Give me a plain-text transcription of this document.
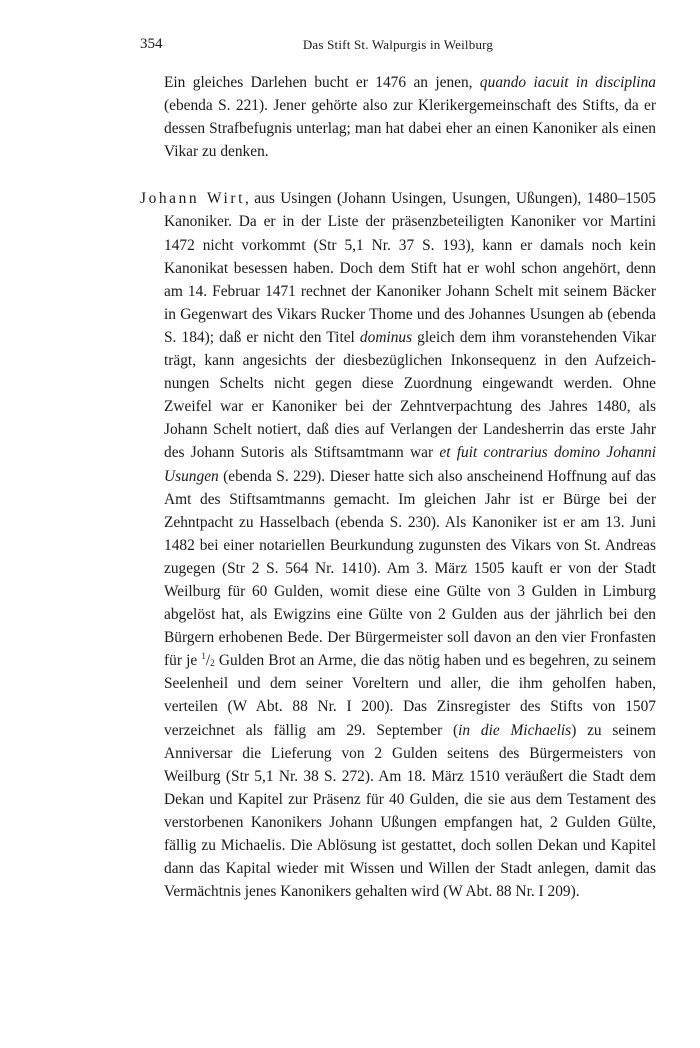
354	Das Stift St. Walpurgis in Weilburg

Ein gleiches Darlehen bucht er 1476 an jenen, quando iacuit in disciplina (ebenda S. 221). Jener gehörte also zur Klerikergemeinschaft des Stifts, da er dessen Strafbefugnis unterlag; man hat dabei eher an einen Kanoniker als einen Vikar zu denken.

Johann Wirt, aus Usingen (Johann Usingen, Usungen, Ußungen), 1480–1505 Kanoniker. Da er in der Liste der präsenzbeteiligten Kanoniker vor Martini 1472 nicht vorkommt (Str 5,1 Nr. 37 S. 193), kann er damals noch kein Kanonikat besessen haben. Doch dem Stift hat er wohl schon angehört, denn am 14. Februar 1471 rechnet der Kanoniker Johann Schelt mit seinem Bäcker in Gegenwart des Vikars Rucker Thome und des Johannes Usungen ab (ebenda S. 184); daß er nicht den Titel dominus gleich dem ihm voranstehenden Vikar trägt, kann angesichts der diesbezüglichen Inkonsequenz in den Aufzeichnungen Schelts nicht gegen diese Zuordnung eingewandt werden. Ohne Zweifel war er Kanoniker bei der Zehntverpachtung des Jahres 1480, als Johann Schelt notiert, daß dies auf Verlangen der Landesherrin das erste Jahr des Johann Sutoris als Stiftsamtmann war et fuit contrarius domino Johanni Usungen (ebenda S. 229). Dieser hatte sich also anscheinend Hoffnung auf das Amt des Stiftsamtmanns gemacht. Im gleichen Jahr ist er Bürge bei der Zehntpacht zu Hasselbach (ebenda S. 230). Als Kanoniker ist er am 13. Juni 1482 bei einer notariellen Beurkundung zugunsten des Vikars von St. Andreas zugegen (Str 2 S. 564 Nr. 1410). Am 3. März 1505 kauft er von der Stadt Weilburg für 60 Gulden, womit diese eine Gülte von 3 Gulden in Limburg abgelöst hat, als Ewigzins eine Gülte von 2 Gulden aus der jährlich bei den Bürgern erhobenen Bede. Der Bürgermeister soll davon an den vier Fronfasten für je $^1/_2$ Gulden Brot an Arme, die das nötig haben und es begehren, zu seinem Seelenheil und dem seiner Voreltern und aller, die ihm geholfen haben, verteilen (W Abt. 88 Nr. I 200). Das Zinsregister des Stifts von 1507 verzeichnet als fällig am 29. September (in die Michaelis) zu seinem Anniversar die Lieferung von 2 Gulden seitens des Bürgermeisters von Weilburg (Str 5,1 Nr. 38 S. 272). Am 18. März 1510 veräußert die Stadt dem Dekan und Kapitel zur Präsenz für 40 Gulden, die sie aus dem Testament des verstorbenen Kanonikers Johann Ußungen empfangen hat, 2 Gulden Gülte, fällig zu Michaelis. Die Ablösung ist gestattet, doch sollen Dekan und Kapitel dann das Kapital wieder mit Wissen und Willen der Stadt anlegen, damit das Vermächtnis jenes Kanonikers gehalten wird (W Abt. 88 Nr. I 209).
